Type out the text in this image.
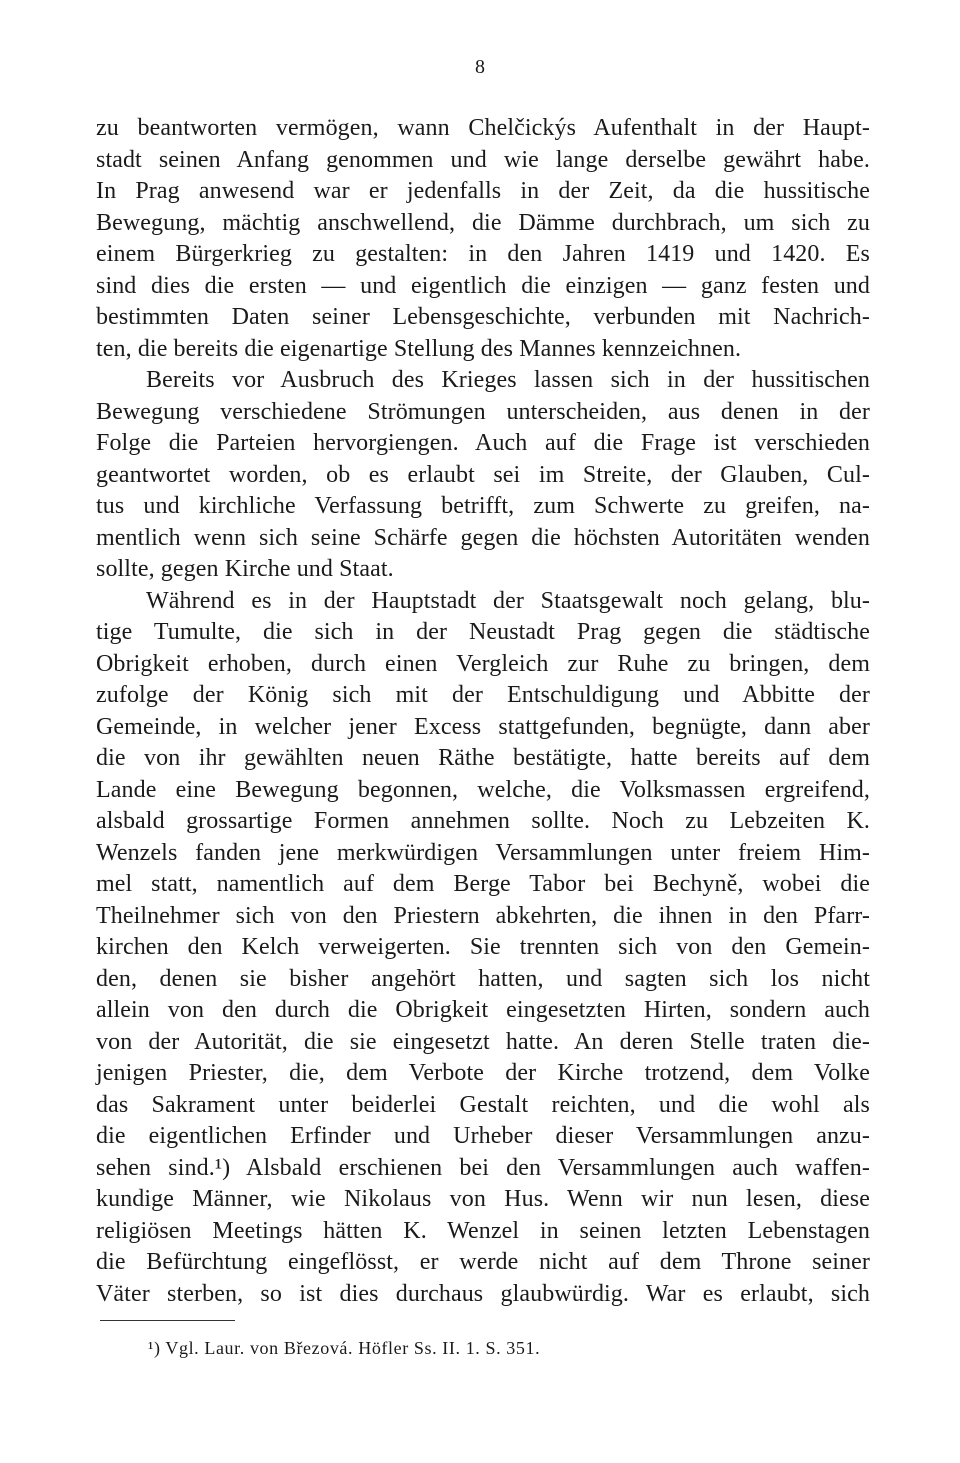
8
zu beantworten vermögen, wann Chelčickýs Aufenthalt in der Haupt-
stadt seinen Anfang genommen und wie lange derselbe gewährt habe.
In Prag anwesend war er jedenfalls in der Zeit, da die hussitische
Bewegung, mächtig anschwellend, die Dämme durchbrach, um sich zu
einem Bürgerkrieg zu gestalten: in den Jahren 1419 und 1420. Es
sind dies die ersten — und eigentlich die einzigen — ganz festen und
bestimmten Daten seiner Lebensgeschichte, verbunden mit Nachrich-
ten, die bereits die eigenartige Stellung des Mannes kennzeichnen.
Bereits vor Ausbruch des Krieges lassen sich in der hussitischen
Bewegung verschiedene Strömungen unterscheiden, aus denen in der
Folge die Parteien hervorgiengen. Auch auf die Frage ist verschieden
geantwortet worden, ob es erlaubt sei im Streite, der Glauben, Cul-
tus und kirchliche Verfassung betrifft, zum Schwerte zu greifen, na-
mentlich wenn sich seine Schärfe gegen die höchsten Autoritäten wenden
sollte, gegen Kirche und Staat.
Während es in der Hauptstadt der Staatsgewalt noch gelang, blu-
tige Tumulte, die sich in der Neustadt Prag gegen die städtische
Obrigkeit erhoben, durch einen Vergleich zur Ruhe zu bringen, dem
zufolge der König sich mit der Entschuldigung und Abbitte der
Gemeinde, in welcher jener Excess stattgefunden, begnügte, dann aber
die von ihr gewählten neuen Räthe bestätigte, hatte bereits auf dem
Lande eine Bewegung begonnen, welche, die Volksmassen ergreifend,
alsbald grossartige Formen annehmen sollte. Noch zu Lebzeiten K.
Wenzels fanden jene merkwürdigen Versammlungen unter freiem Him-
mel statt, namentlich auf dem Berge Tabor bei Bechyně, wobei die
Theilnehmer sich von den Priestern abkehrten, die ihnen in den Pfarr-
kirchen den Kelch verweigerten. Sie trennten sich von den Gemein-
den, denen sie bisher angehört hatten, und sagten sich los nicht
allein von den durch die Obrigkeit eingesetzten Hirten, sondern auch
von der Autorität, die sie eingesetzt hatte. An deren Stelle traten die-
jenigen Priester, die, dem Verbote der Kirche trotzend, dem Volke
das Sakrament unter beiderlei Gestalt reichten, und die wohl als
die eigentlichen Erfinder und Urheber dieser Versammlungen anzu-
sehen sind.¹) Alsbald erschienen bei den Versammlungen auch waffen-
kundige Männer, wie Nikolaus von Hus. Wenn wir nun lesen, diese
religiösen Meetings hätten K. Wenzel in seinen letzten Lebenstagen
die Befürchtung eingeflösst, er werde nicht auf dem Throne seiner
Väter sterben, so ist dies durchaus glaubwürdig. War es erlaubt, sich
¹) Vgl. Laur. von Březová. Höfler Ss. II. 1. S. 351.
